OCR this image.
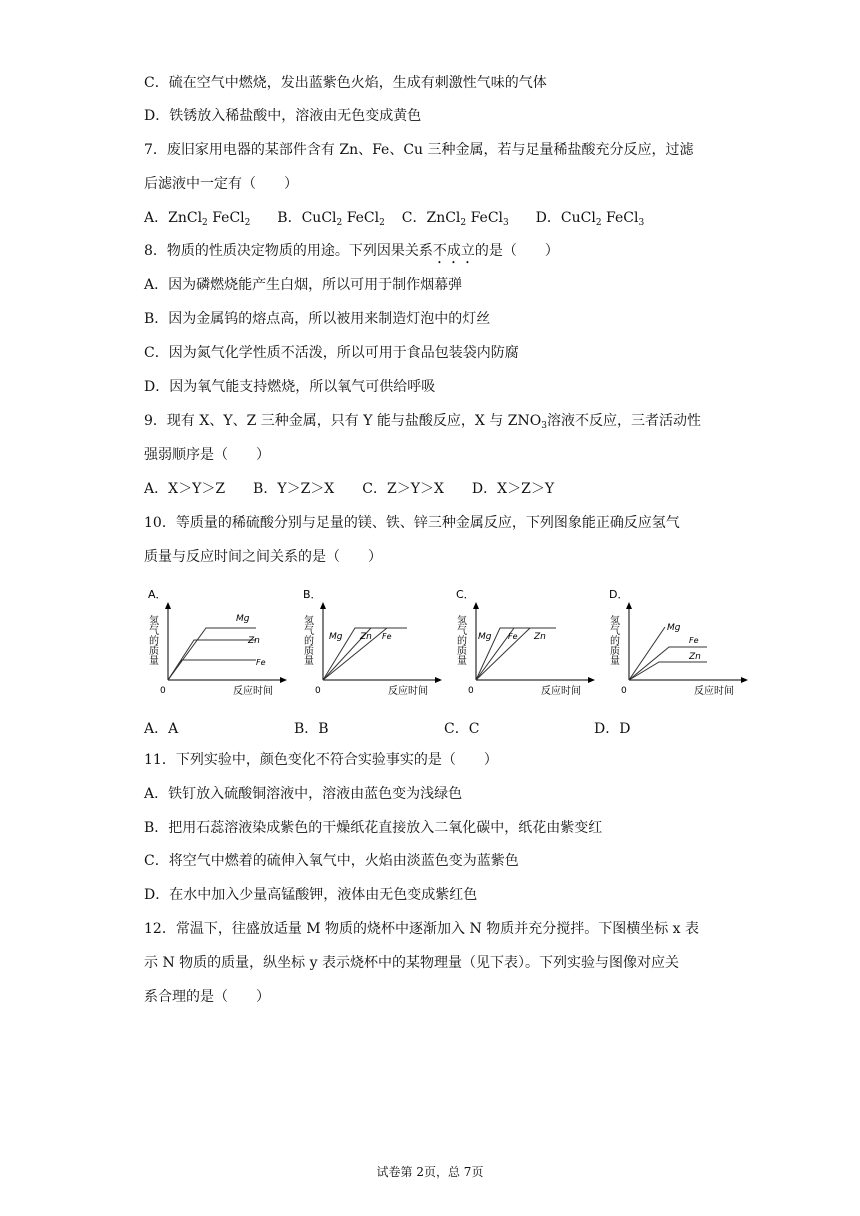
C．硫在空气中燃烧，发出蓝紫色火焰，生成有刺激性气味的气体
D．铁锈放入稀盐酸中，溶液由无色变成黄色
7．废旧家用电器的某部件含有 Zn、Fe、Cu 三种金属，若与足量稀盐酸充分反应，过滤
后滤液中一定有（　　）
A．ZnCl$_2$ FeCl$_2$ B．CuCl$_2$ FeCl$_2$ C．ZnCl$_2$ FeCl$_3$ D．CuCl$_2$ FeCl$_3$
8．物质的性质决定物质的用途。下列因果关系不成立的是（　　）
A．因为磷燃烧能产生白烟，所以可用于制作烟幕弹
B．因为金属钨的熔点高，所以被用来制造灯泡中的灯丝
C．因为氮气化学性质不活泼，所以可用于食品包装袋内防腐
D．因为氧气能支持燃烧，所以氧气可供给呼吸
9．现有 X、Y、Z 三种金属，只有 Y 能与盐酸反应，X 与 $ZNO_3$溶液不反应，三者活动性
强弱顺序是（　　）
A．X＞Y＞Z　　B．Y＞Z＞X　　C．Z＞Y＞X　　D．X＞Z＞Y
10．等质量的稀硫酸分别与足量的镁、铁、锌三种金属反应，下列图象能正确反应氢气
质量与反应时间之间关系的是（　　）
A．
氢气的质量
0	反应时间
Mg
Zn
Fe
B．
氢气的质量
0	反应时间
Mg Zn Fe
C．
氢气的质量
0	反应时间
Mg Fe Zn
D．
氢气的质量
0	反应时间
Mg
Fe
Zn
A．A	B．B	C．C	D．D
11．下列实验中，颜色变化不符合实验事实的是（　　）
A．铁钉放入硫酸铜溶液中，溶液由蓝色变为浅绿色
B．把用石蕊溶液染成紫色的干燥纸花直接放入二氧化碳中，纸花由紫变红
C．将空气中燃着的硫伸入氧气中，火焰由淡蓝色变为蓝紫色
D．在水中加入少量高锰酸钾，液体由无色变成紫红色
12．常温下，往盛放适量 M 物质的烧杯中逐渐加入 N 物质并充分搅拌。下图横坐标 x 表
示 N 物质的质量，纵坐标 y 表示烧杯中的某物理量（见下表）。下列实验与图像对应关
系合理的是（　　）
试卷第 2页，总 7页
